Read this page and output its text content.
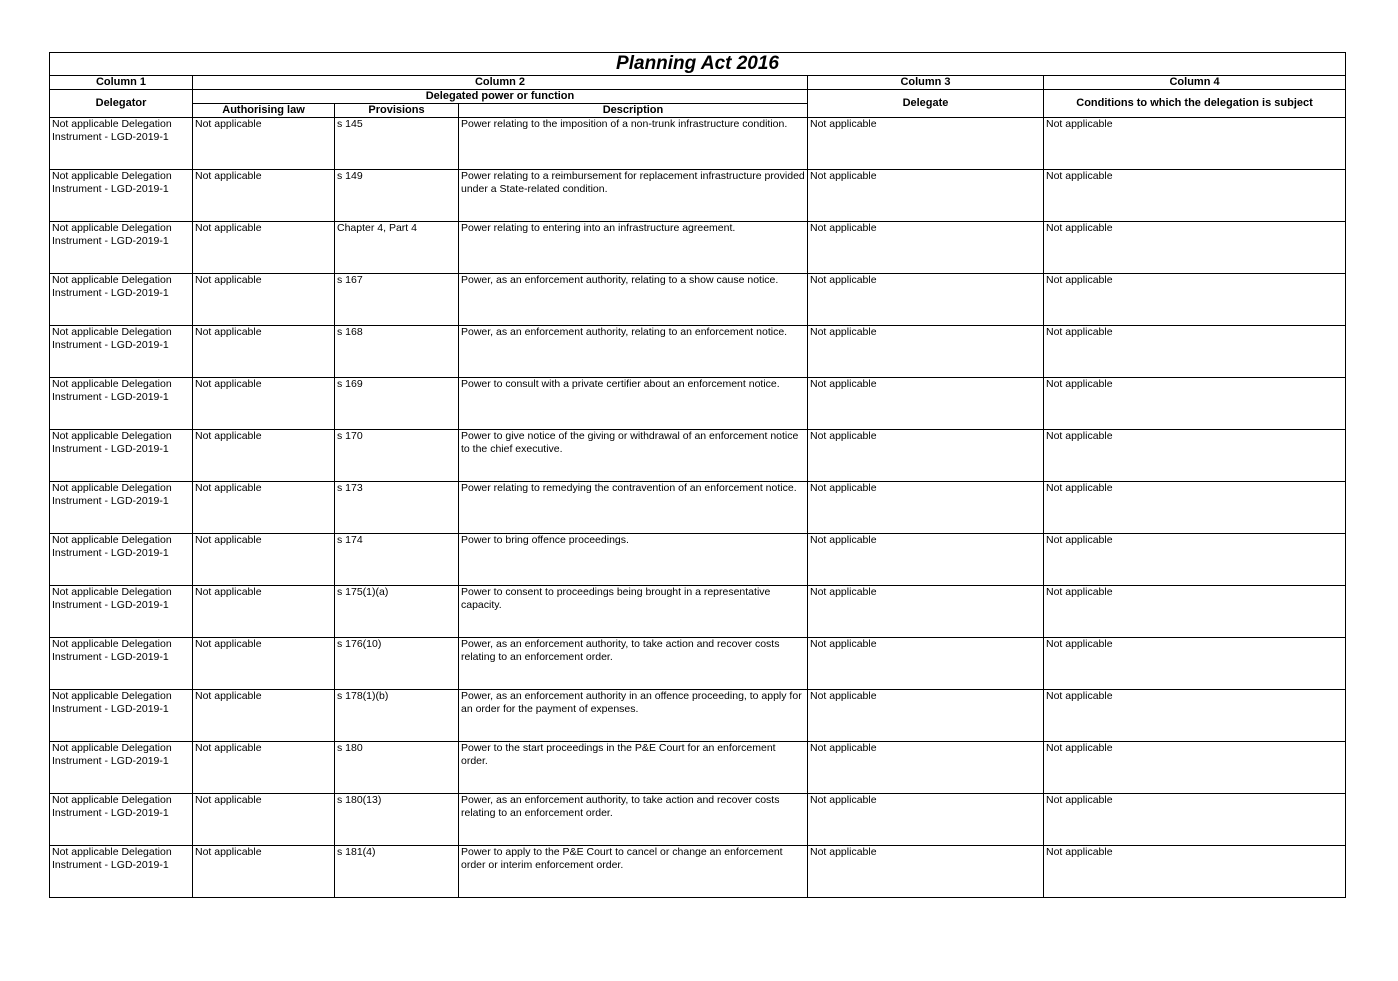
Planning Act 2016					
Column 1	Column 2			Column 3	Column 4
Delegator	Delegated power or function			Delegate	Conditions to which the delegation is subject
	Authorising law	Provisions	Description		
Not applicable Delegation Instrument - LGD-2019-1	Not applicable	s 145	Power relating to the imposition of a non-trunk infrastructure condition.	Not applicable	Not applicable
Not applicable Delegation Instrument - LGD-2019-1	Not applicable	s 149	Power relating to a reimbursement for replacement infrastructure provided under a State-related condition.	Not applicable	Not applicable
Not applicable Delegation Instrument - LGD-2019-1	Not applicable	Chapter 4, Part 4	Power relating to entering into an infrastructure agreement.	Not applicable	Not applicable
Not applicable Delegation Instrument - LGD-2019-1	Not applicable	s 167	Power, as an enforcement authority, relating to a show cause notice.	Not applicable	Not applicable
Not applicable Delegation Instrument - LGD-2019-1	Not applicable	s 168	Power, as an enforcement authority, relating to an enforcement notice.	Not applicable	Not applicable
Not applicable Delegation Instrument - LGD-2019-1	Not applicable	s 169	Power to consult with a private certifier about an enforcement notice.	Not applicable	Not applicable
Not applicable Delegation Instrument - LGD-2019-1	Not applicable	s 170	Power to give notice of the giving or withdrawal of an enforcement notice to the chief executive.	Not applicable	Not applicable
Not applicable Delegation Instrument - LGD-2019-1	Not applicable	s 173	Power relating to remedying the contravention of an enforcement notice.	Not applicable	Not applicable
Not applicable Delegation Instrument - LGD-2019-1	Not applicable	s 174	Power to bring offence proceedings.	Not applicable	Not applicable
Not applicable Delegation Instrument - LGD-2019-1	Not applicable	s 175(1)(a)	Power to consent to proceedings being brought in a representative capacity.	Not applicable	Not applicable
Not applicable Delegation Instrument - LGD-2019-1	Not applicable	s 176(10)	Power, as an enforcement authority, to take action and recover costs relating to an enforcement order.	Not applicable	Not applicable
Not applicable Delegation Instrument - LGD-2019-1	Not applicable	s 178(1)(b)	Power, as an enforcement authority in an offence proceeding, to apply for an order for the payment of expenses.	Not applicable	Not applicable
Not applicable Delegation Instrument - LGD-2019-1	Not applicable	s 180	Power to the start proceedings in the P&E Court for an enforcement order.	Not applicable	Not applicable
Not applicable Delegation Instrument - LGD-2019-1	Not applicable	s 180(13)	Power, as an enforcement authority, to take action and recover costs relating to an enforcement order.	Not applicable	Not applicable
Not applicable Delegation Instrument - LGD-2019-1	Not applicable	s 181(4)	Power to apply to the P&E Court to cancel or change an enforcement order or interim enforcement order.	Not applicable	Not applicable
